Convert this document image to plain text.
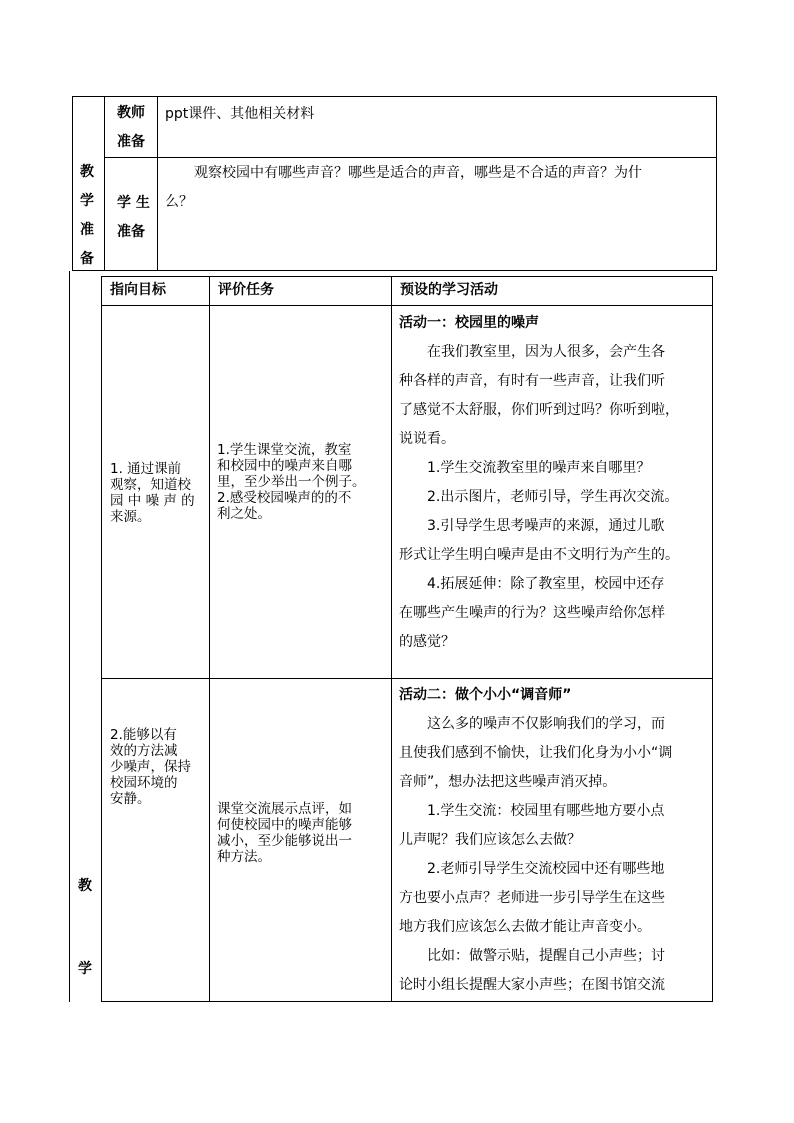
教
学
准
备
教师
准备
ppt课件、其他相关材料
学 生
准备
观察校园中有哪些声音？哪些是适合的声音，哪些是不合适的声音？为什
么？
教
学
指向目标	评价任务	预设的学习活动
1. 通过课前
观察，知道校
园 中 噪 声 的
来源。
1.学生课堂交流，教室
和校园中的噪声来自哪
里，至少举出一个例子。
2.感受校园噪声的的不
利之处。
活动一：校园里的噪声
　　在我们教室里，因为人很多，会产生各
种各样的声音，有时有一些声音，让我们听
了感觉不太舒服，你们听到过吗？你听到啦，
说说看。
　　1.学生交流教室里的噪声来自哪里？
　　2.出示图片，老师引导，学生再次交流。
　　3.引导学生思考噪声的来源，通过儿歌
形式让学生明白噪声是由不文明行为产生的。
　　4.拓展延伸：除了教室里，校园中还存
在哪些产生噪声的行为？这些噪声给你怎样
的感觉？
2.能够以有
效的方法减
少噪声，保持
校园环境的
安静。
课堂交流展示点评，如
何使校园中的噪声能够
减小，至少能够说出一
种方法。
活动二：做个小小“调音师”
　　这么多的噪声不仅影响我们的学习，而
且使我们感到不愉快，让我们化身为小小“调
音师”，想办法把这些噪声消灭掉。
　　1.学生交流：校园里有哪些地方要小点
儿声呢？我们应该怎么去做？
　　2.老师引导学生交流校园中还有哪些地
方也要小点声？老师进一步引导学生在这些
地方我们应该怎么去做才能让声音变小。
　　比如：做警示贴，提醒自己小声些；讨
论时小组长提醒大家小声些；在图书馆交流
